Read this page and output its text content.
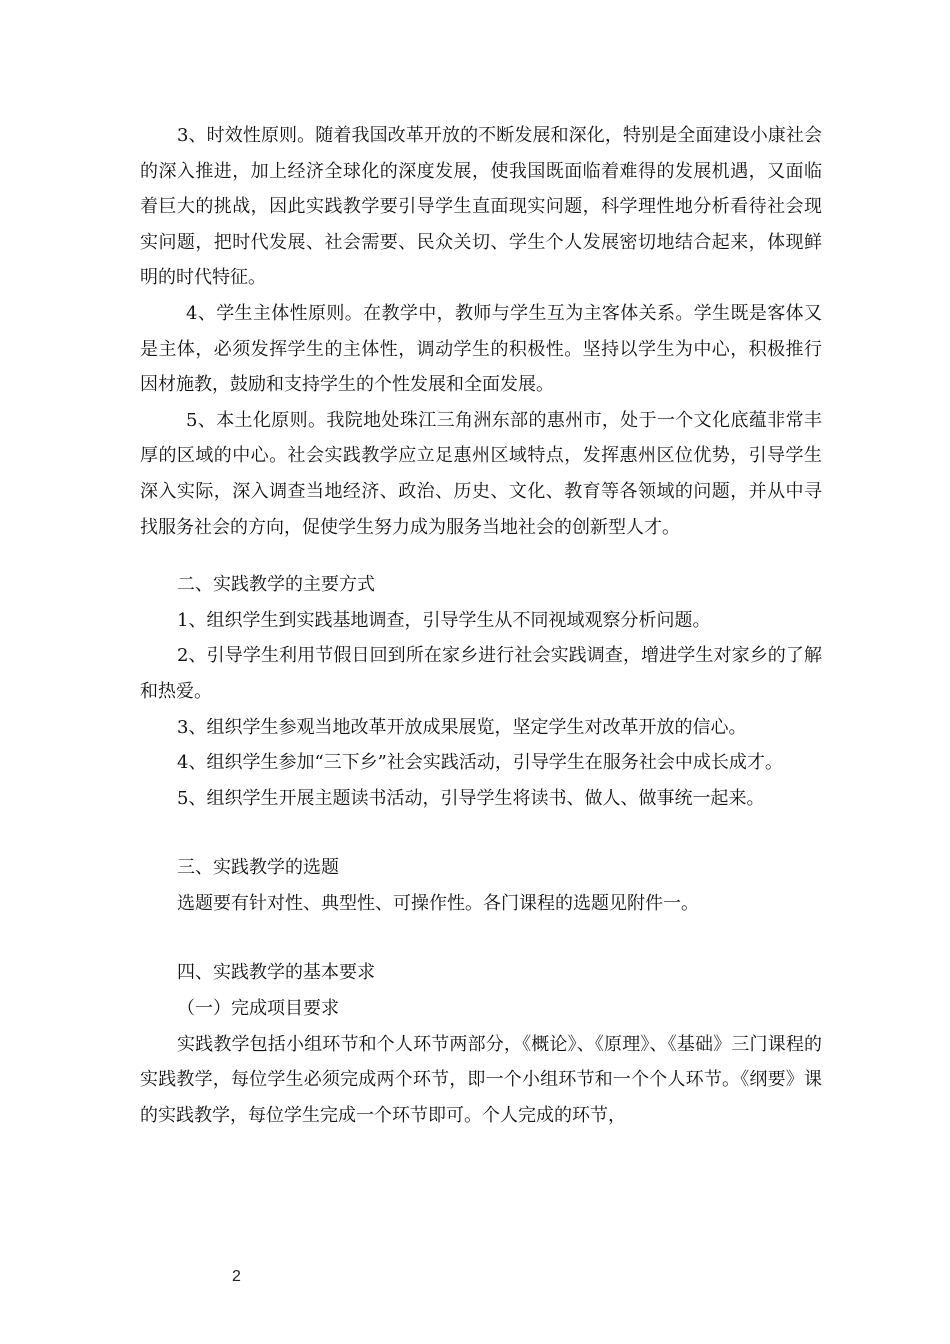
3、时效性原则。随着我国改革开放的不断发展和深化，特别是全面建设小康社会的深入推进，加上经济全球化的深度发展，使我国既面临着难得的发展机遇，又面临着巨大的挑战，因此实践教学要引导学生直面现实问题，科学理性地分析看待社会现实问题，把时代发展、社会需要、民众关切、学生个人发展密切地结合起来，体现鲜明的时代特征。

4、学生主体性原则。在教学中，教师与学生互为主客体关系。学生既是客体又是主体，必须发挥学生的主体性，调动学生的积极性。坚持以学生为中心，积极推行因材施教，鼓励和支持学生的个性发展和全面发展。

5、本土化原则。我院地处珠江三角洲东部的惠州市，处于一个文化底蕴非常丰厚的区域的中心。社会实践教学应立足惠州区域特点，发挥惠州区位优势，引导学生深入实际，深入调查当地经济、政治、历史、文化、教育等各领域的问题，并从中寻找服务社会的方向，促使学生努力成为服务当地社会的创新型人才。

二、实践教学的主要方式

1、组织学生到实践基地调查，引导学生从不同视域观察分析问题。

2、引导学生利用节假日回到所在家乡进行社会实践调查，增进学生对家乡的了解和热爱。

3、组织学生参观当地改革开放成果展览，坚定学生对改革开放的信心。

4、组织学生参加“三下乡”社会实践活动，引导学生在服务社会中成长成才。

5、组织学生开展主题读书活动，引导学生将读书、做人、做事统一起来。

三、实践教学的选题

选题要有针对性、典型性、可操作性。各门课程的选题见附件一。

四、实践教学的基本要求

（一）完成项目要求

实践教学包括小组环节和个人环节两部分，《概论》、《原理》、《基础》三门课程的实践教学，每位学生必须完成两个环节，即一个小组环节和一个个人环节。《纲要》课的实践教学，每位学生完成一个环节即可。个人完成的环节，

2
